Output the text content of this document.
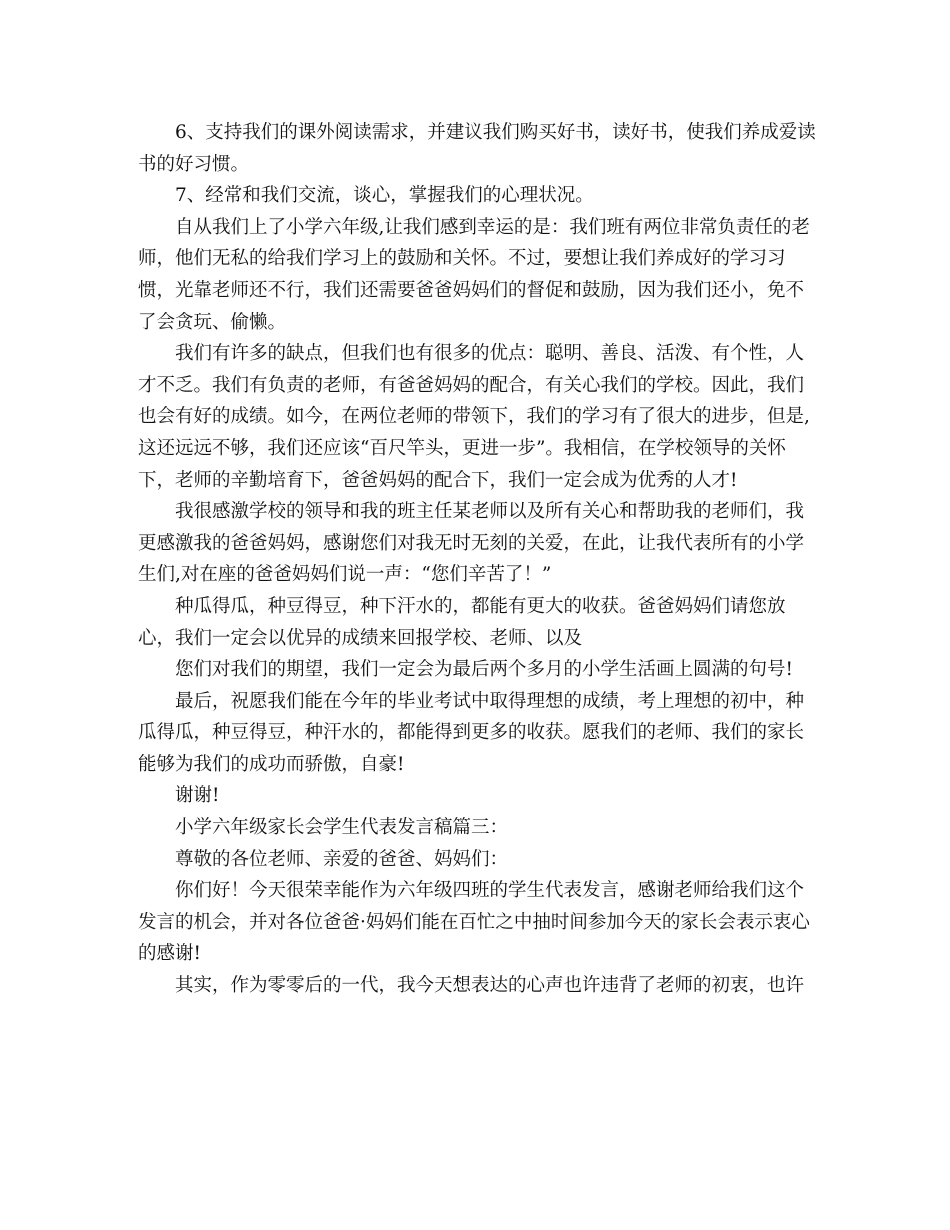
6、支持我们的课外阅读需求，并建议我们购买好书，读好书，使我们养成爱读书的好习惯。

7、经常和我们交流，谈心，掌握我们的心理状况。

自从我们上了小学六年级,让我们感到幸运的是：我们班有两位非常负责任的老师，他们无私的给我们学习上的鼓励和关怀。不过，要想让我们养成好的学习习惯，光靠老师还不行，我们还需要爸爸妈妈们的督促和鼓励，因为我们还小，免不了会贪玩、偷懒。

我们有许多的缺点，但我们也有很多的优点：聪明、善良、活泼、有个性，人才不乏。我们有负责的老师，有爸爸妈妈的配合，有关心我们的学校。因此，我们也会有好的成绩。如今，在两位老师的带领下，我们的学习有了很大的进步，但是,这还远远不够，我们还应该“百尺竿头，更进一步”。我相信，在学校领导的关怀下，老师的辛勤培育下，爸爸妈妈的配合下，我们一定会成为优秀的人才!

我很感激学校的领导和我的班主任某老师以及所有关心和帮助我的老师们，我更感激我的爸爸妈妈，感谢您们对我无时无刻的关爱，在此，让我代表所有的小学生们,对在座的爸爸妈妈们说一声：“您们辛苦了！”

种瓜得瓜，种豆得豆，种下汗水的，都能有更大的收获。爸爸妈妈们请您放心，我们一定会以优异的成绩来回报学校、老师、以及

您们对我们的期望，我们一定会为最后两个多月的小学生活画上圆满的句号!

最后，祝愿我们能在今年的毕业考试中取得理想的成绩，考上理想的初中，种瓜得瓜，种豆得豆，种汗水的，都能得到更多的收获。愿我们的老师、我们的家长能够为我们的成功而骄傲，自豪!

谢谢!

小学六年级家长会学生代表发言稿篇三：

尊敬的各位老师、亲爱的爸爸、妈妈们：

你们好！今天很荣幸能作为六年级四班的学生代表发言，感谢老师给我们这个发言的机会，并对各位爸爸·妈妈们能在百忙之中抽时间参加今天的家长会表示衷心的感谢!

其实，作为零零后的一代，我今天想表达的心声也许违背了老师的初衷，也许
